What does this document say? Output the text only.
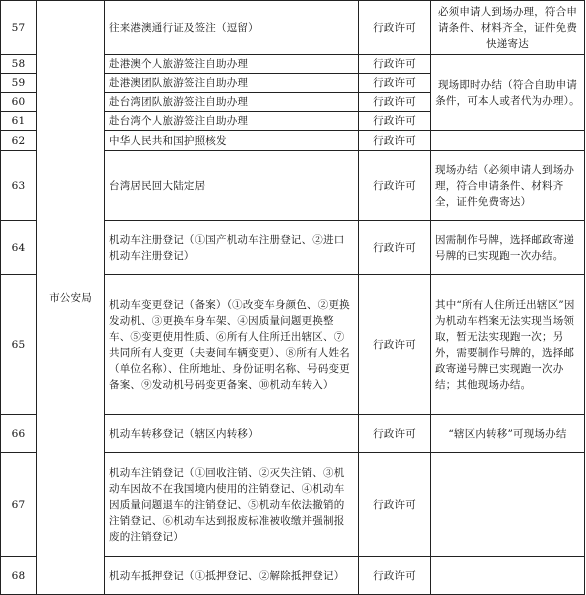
57	市公安局	往来港澳通行证及签注（逗留）	行政许可	必须申请人到场办理，符合申请条件、材料齐全，证件免费快递寄达
58		赴港澳个人旅游签注自助办理	行政许可	现场即时办结（符合自助申请条件，可本人或者代为办理）。
59		赴港澳团队旅游签注自助办理	行政许可	
60		赴台湾团队旅游签注自助办理	行政许可	
61		赴台湾个人旅游签注自助办理	行政许可	
62		中华人民共和国护照核发	行政许可	
63		台湾居民回大陆定居	行政许可	现场办结（必须申请人到场办理，符合申请条件、材料齐全，证件免费寄达）
64		机动车注册登记（①国产机动车注册登记、②进口机动车注册登记）	行政许可	因需制作号牌，选择邮政寄递号牌的已实现跑一次办结。
65		机动车变更登记（备案）（①改变车身颜色、②更换发动机、③更换车身车架、④因质量问题更换整车、⑤变更使用性质、⑥所有人住所迁出辖区、⑦共同所有人变更（夫妻间车辆变更）、⑧所有人姓名（单位名称）、住所地址、身份证明名称、号码变更备案、⑨发动机号码变更备案、⑩机动车转入）	行政许可	其中“所有人住所迁出辖区”因为机动车档案无法实现当场领取，暂无法实现跑一次；另外，需要制作号牌的，选择邮政寄递号牌已实现跑一次办结；其他现场办结。
66		机动车转移登记（辖区内转移）	行政许可	“辖区内转移”可现场办结
67		机动车注销登记（①回收注销、②灭失注销、③机动车因故不在我国境内使用的注销登记、④机动车因质量问题退车的注销登记、⑤机动车依法撤销的注销登记、⑥机动车达到报废标准被收缴并强制报废的注销登记）	行政许可	
68		机动车抵押登记（①抵押登记、②解除抵押登记）	行政许可	
